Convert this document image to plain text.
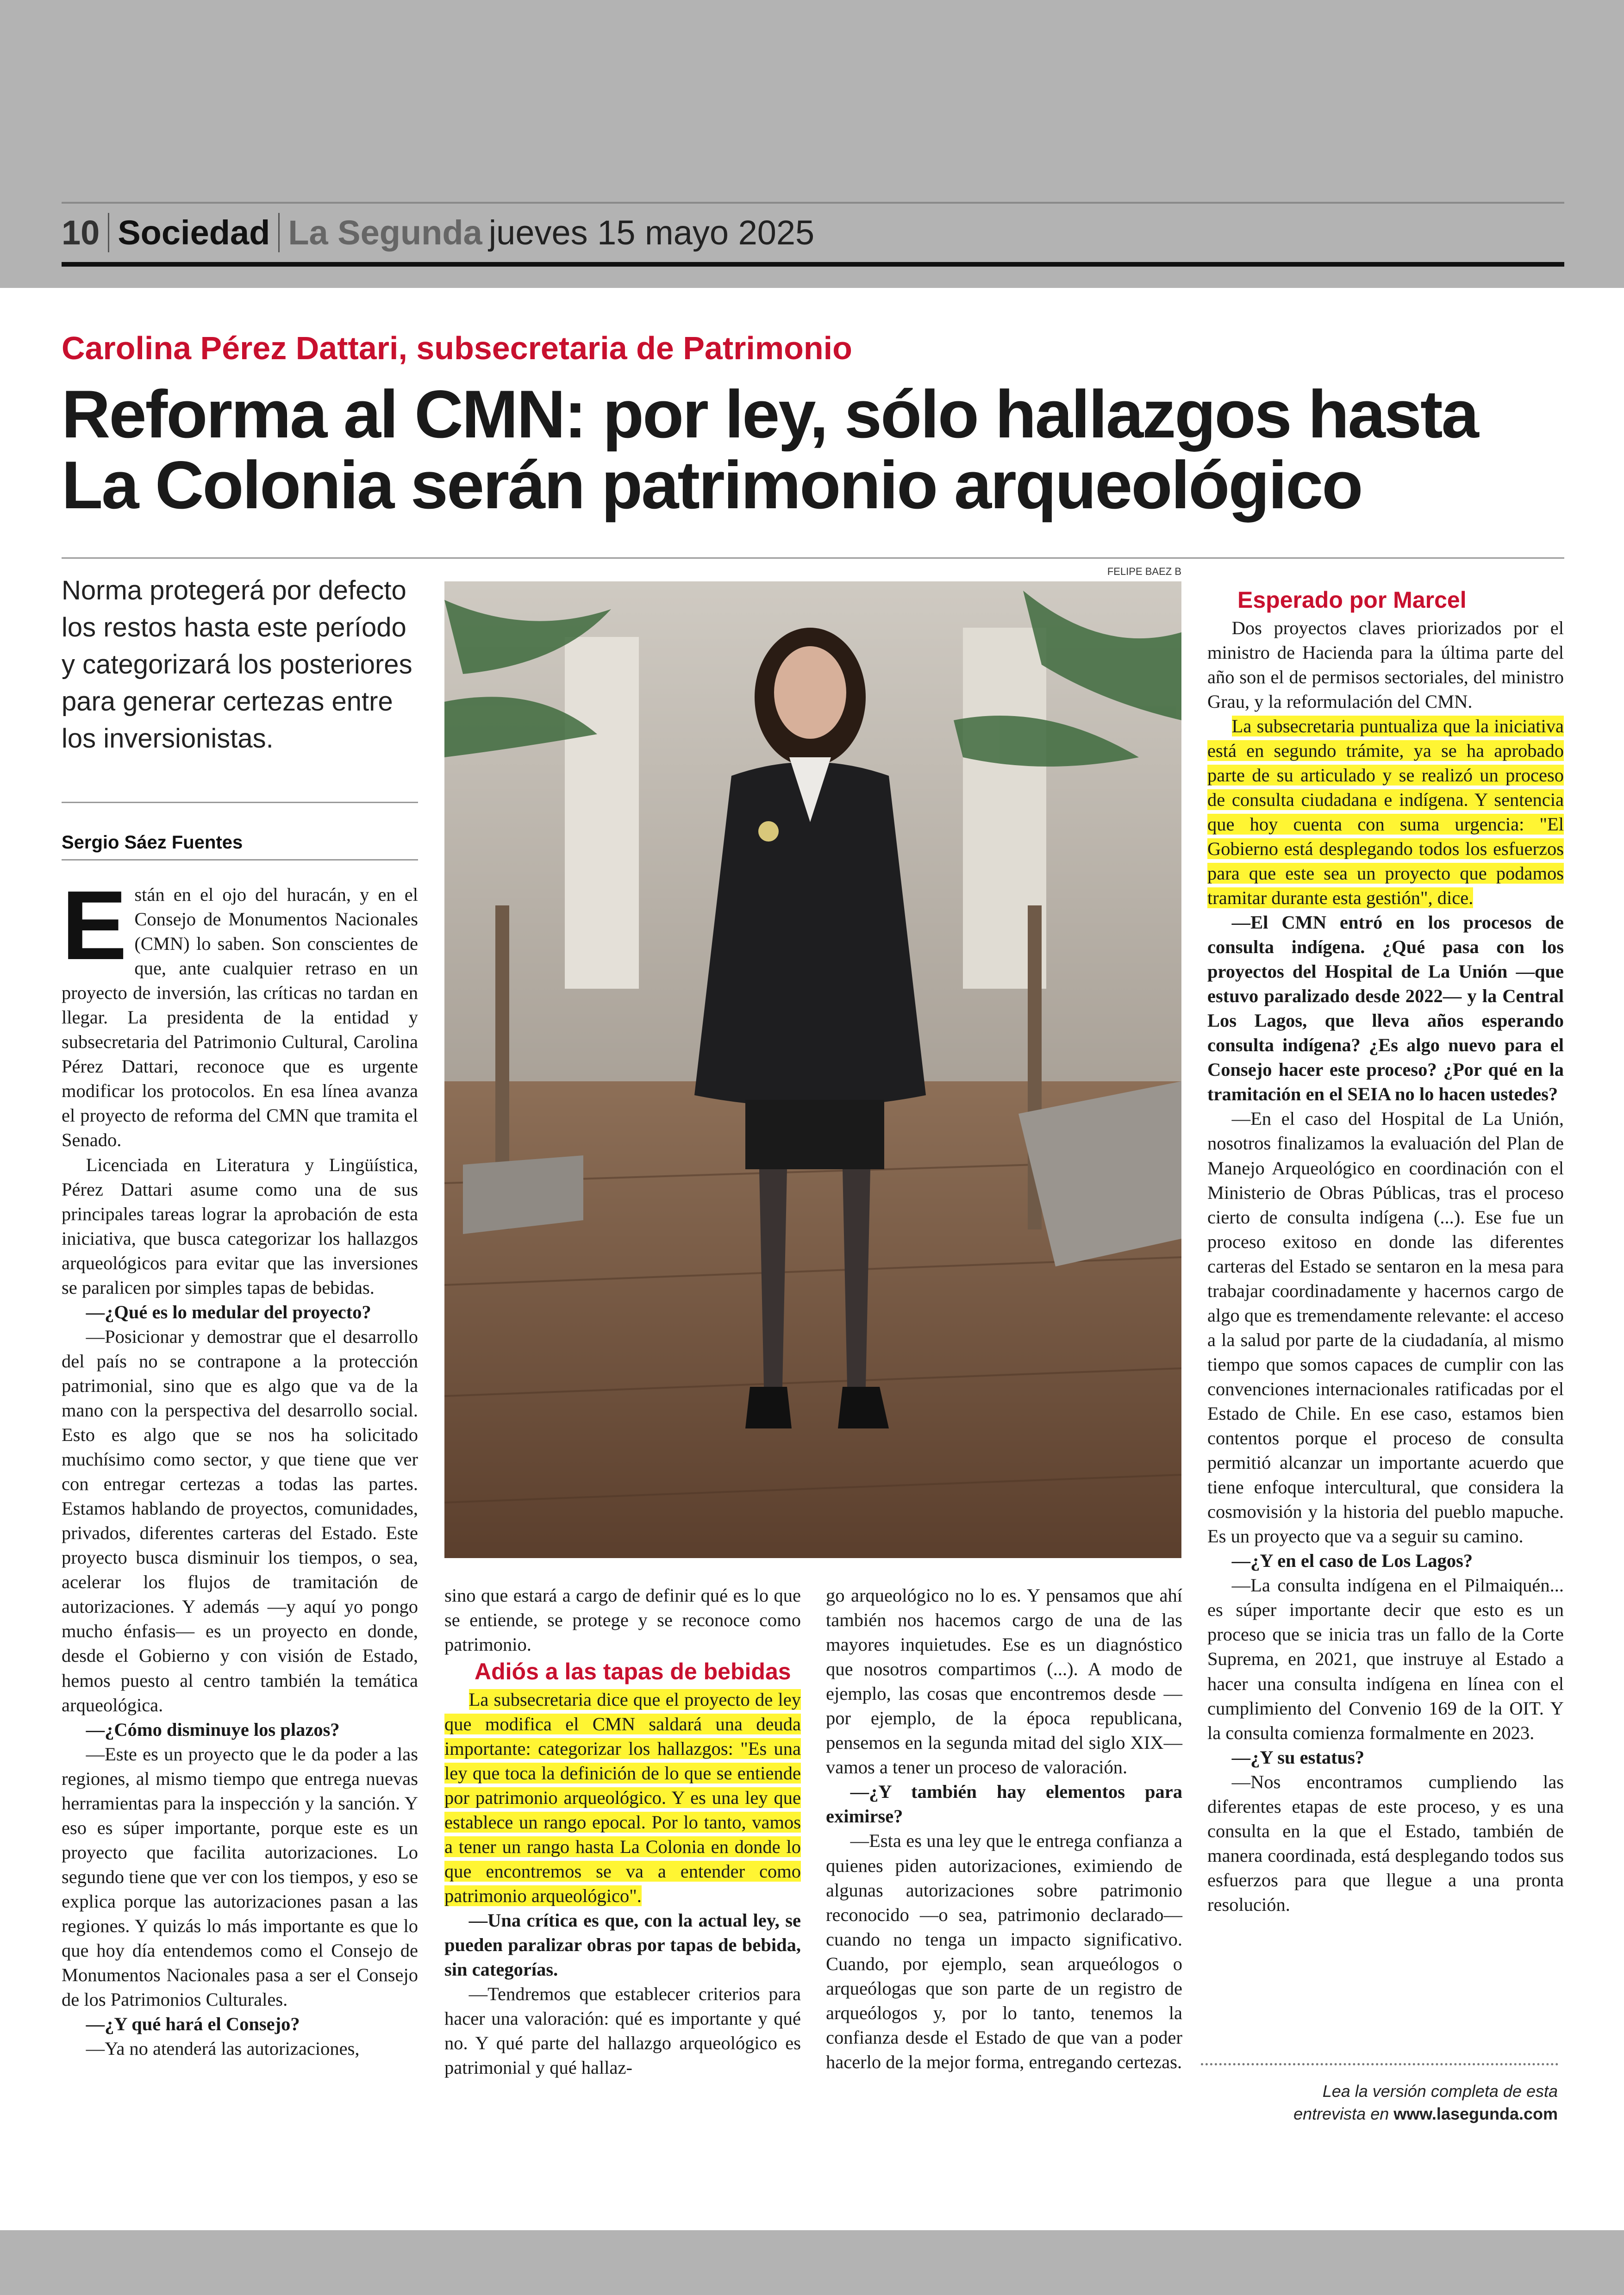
10 Sociedad La Segunda jueves 15 mayo 2025
Carolina Pérez Dattari, subsecretaria de Patrimonio
Reforma al CMN: por ley, sólo hallazgos hasta
La Colonia serán patrimonio arqueológico
Norma protegerá por defecto los restos hasta este período y categorizará los posteriores para generar certezas entre los inversionistas.
Sergio Sáez Fuentes

Están en el ojo del huracán, y en el Consejo de Monumentos Nacionales (CMN) lo saben. Son conscientes de que, ante cualquier retraso en un proyecto de inversión, las críticas no tardan en llegar. La presidenta de la entidad y subsecretaria del Patrimonio Cultural, Carolina Pérez Dattari, reconoce que es urgente modificar los protocolos. En esa línea avanza el proyecto de reforma del CMN que tramita el Senado.

Licenciada en Literatura y Lingüística, Pérez Dattari asume como una de sus principales tareas lograr la aprobación de esta iniciativa, que busca categorizar los hallazgos arqueológicos para evitar que las inversiones se paralicen por simples tapas de bebidas.

—¿Qué es lo medular del proyecto?

—Posicionar y demostrar que el desarrollo del país no se contrapone a la protección patrimonial, sino que es algo que va de la mano con la perspectiva del desarrollo social. Esto es algo que se nos ha solicitado muchísimo como sector, y que tiene que ver con entregar certezas a todas las partes. Estamos hablando de proyectos, comunidades, privados, diferentes carteras del Estado. Este proyecto busca disminuir los tiempos, o sea, acelerar los flujos de tramitación de autorizaciones. Y además —y aquí yo pongo mucho énfasis— es un proyecto en donde, desde el Gobierno y con visión de Estado, hemos puesto al centro también la temática arqueológica.

—¿Cómo disminuye los plazos?

—Este es un proyecto que le da poder a las regiones, al mismo tiempo que entrega nuevas herramientas para la inspección y la sanción. Y eso es súper importante, porque este es un proyecto que facilita autorizaciones. Lo segundo tiene que ver con los tiempos, y eso se explica porque las autorizaciones pasan a las regiones. Y quizás lo más importante es que lo que hoy día entendemos como el Consejo de Monumentos Nacionales pasa a ser el Consejo de los Patrimonios Culturales.

—¿Y qué hará el Consejo?

—Ya no atenderá las autorizaciones,

FELIPE BAEZ B

sino que estará a cargo de definir qué es lo que se entiende, se protege y se reconoce como patrimonio.

Adiós a las tapas de bebidas

La subsecretaria dice que el proyecto de ley que modifica el CMN saldará una deuda importante: categorizar los hallazgos: "Es una ley que toca la definición de lo que se entiende por patrimonio arqueológico. Y es una ley que establece un rango epocal. Por lo tanto, vamos a tener un rango hasta La Colonia en donde lo que encontremos se va a entender como patrimonio arqueológico".

—Una crítica es que, con la actual ley, se pueden paralizar obras por tapas de bebida, sin categorías.

—Tendremos que establecer criterios para hacer una valoración: qué es importante y qué no. Y qué parte del hallazgo arqueológico es patrimonial y qué hallaz-

go arqueológico no lo es. Y pensamos que ahí también nos hacemos cargo de una de las mayores inquietudes. Ese es un diagnóstico que nosotros compartimos (...). A modo de ejemplo, las cosas que encontremos desde —por ejemplo, de la época republicana, pensemos en la segunda mitad del siglo XIX— vamos a tener un proceso de valoración.

—¿Y también hay elementos para eximirse?

—Esta es una ley que le entrega confianza a quienes piden autorizaciones, eximiendo de algunas autorizaciones sobre patrimonio reconocido —o sea, patrimonio declarado— cuando no tenga un impacto significativo. Cuando, por ejemplo, sean arqueólogos o arqueólogas que son parte de un registro de arqueólogos y, por lo tanto, tenemos la confianza desde el Estado de que van a poder hacerlo de la mejor forma, entregando certezas.

Esperado por Marcel

Dos proyectos claves priorizados por el ministro de Hacienda para la última parte del año son el de permisos sectoriales, del ministro Grau, y la reformulación del CMN.

La subsecretaria puntualiza que la iniciativa está en segundo trámite, ya se ha aprobado parte de su articulado y se realizó un proceso de consulta ciudadana e indígena. Y sentencia que hoy cuenta con suma urgencia: "El Gobierno está desplegando todos los esfuerzos para que este sea un proyecto que podamos tramitar durante esta gestión", dice.

—El CMN entró en los procesos de consulta indígena. ¿Qué pasa con los proyectos del Hospital de La Unión —que estuvo paralizado desde 2022— y la Central Los Lagos, que lleva años esperando consulta indígena? ¿Es algo nuevo para el Consejo hacer este proceso? ¿Por qué en la tramitación en el SEIA no lo hacen ustedes?

—En el caso del Hospital de La Unión, nosotros finalizamos la evaluación del Plan de Manejo Arqueológico en coordinación con el Ministerio de Obras Públicas, tras el proceso cierto de consulta indígena (...). Ese fue un proceso exitoso en donde las diferentes carteras del Estado se sentaron en la mesa para trabajar coordinadamente y hacernos cargo de algo que es tremendamente relevante: el acceso a la salud por parte de la ciudadanía, al mismo tiempo que somos capaces de cumplir con las convenciones internacionales ratificadas por el Estado de Chile. En ese caso, estamos bien contentos porque el proceso de consulta permitió alcanzar un importante acuerdo que tiene enfoque intercultural, que considera la cosmovisión y la historia del pueblo mapuche. Es un proyecto que va a seguir su camino.

—¿Y en el caso de Los Lagos?

—La consulta indígena en el Pilmaiquén... es súper importante decir que esto es un proceso que se inicia tras un fallo de la Corte Suprema, en 2021, que instruye al Estado a hacer una consulta indígena en línea con el cumplimiento del Convenio 169 de la OIT. Y la consulta comienza formalmente en 2023.

—¿Y su estatus?

—Nos encontramos cumpliendo las diferentes etapas de este proceso, y es una consulta en la que el Estado, también de manera coordinada, está desplegando todos sus esfuerzos para que llegue a una pronta resolución.

Lea la versión completa de esta
entrevista en www.lasegunda.com
